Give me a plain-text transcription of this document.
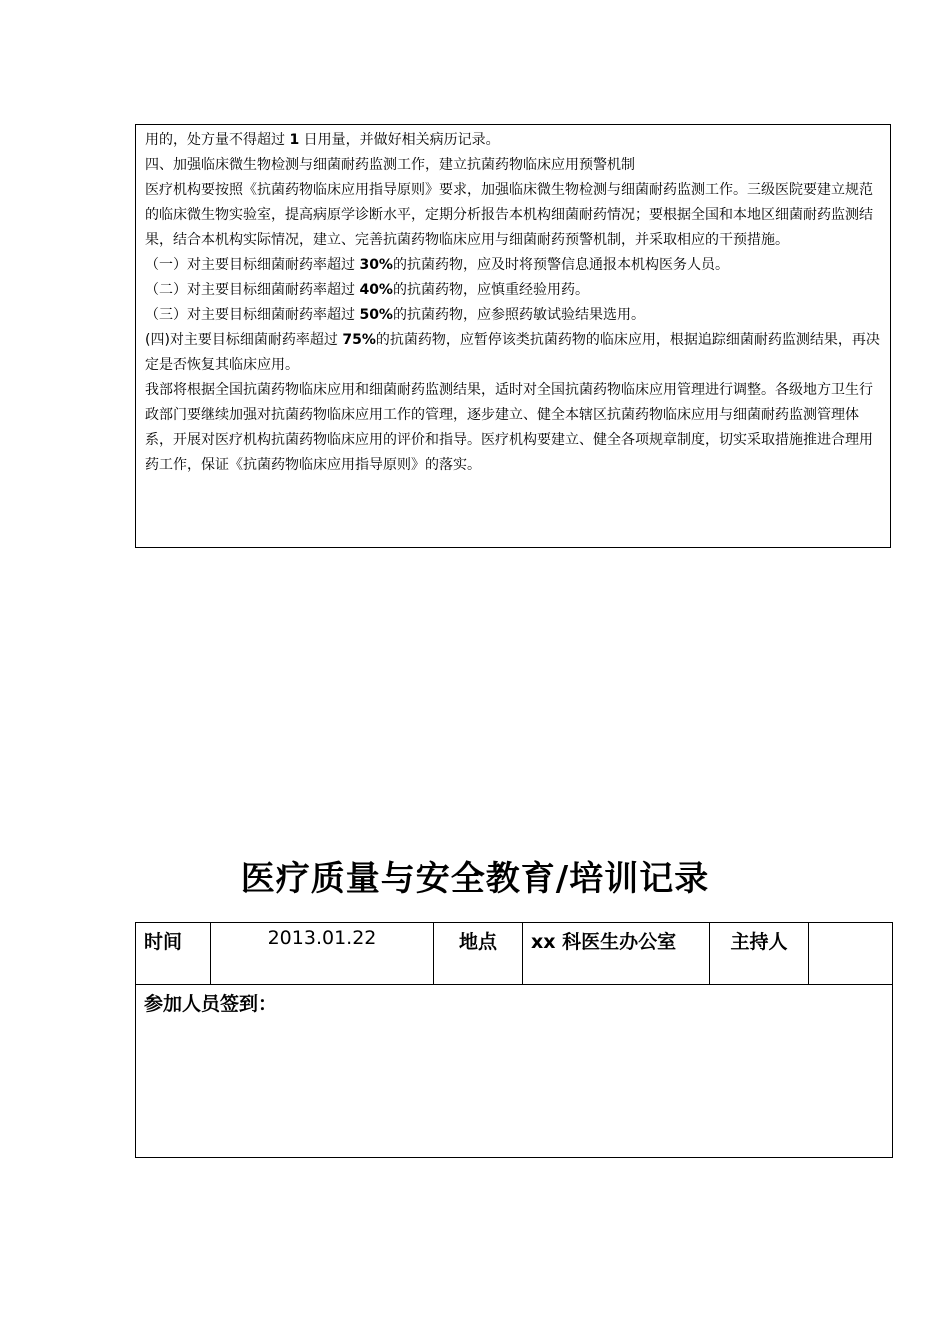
用的，处方量不得超过 1 日用量，并做好相关病历记录。

四、加强临床微生物检测与细菌耐药监测工作，建立抗菌药物临床应用预警机制

医疗机构要按照《抗菌药物临床应用指导原则》要求，加强临床微生物检测与细菌耐药监测工作。三级医院要建立规范的临床微生物实验室，提高病原学诊断水平，定期分析报告本机构细菌耐药情况；要根据全国和本地区细菌耐药监测结果，结合本机构实际情况，建立、完善抗菌药物临床应用与细菌耐药预警机制，并采取相应的干预措施。

（一）对主要目标细菌耐药率超过 30%的抗菌药物，应及时将预警信息通报本机构医务人员。

（二）对主要目标细菌耐药率超过 40%的抗菌药物，应慎重经验用药。

（三）对主要目标细菌耐药率超过 50%的抗菌药物，应参照药敏试验结果选用。

(四)对主要目标细菌耐药率超过 75%的抗菌药物，应暂停该类抗菌药物的临床应用，根据追踪细菌耐药监测结果，再决定是否恢复其临床应用。

我部将根据全国抗菌药物临床应用和细菌耐药监测结果，适时对全国抗菌药物临床应用管理进行调整。各级地方卫生行政部门要继续加强对抗菌药物临床应用工作的管理，逐步建立、健全本辖区抗菌药物临床应用与细菌耐药监测管理体系，开展对医疗机构抗菌药物临床应用的评价和指导。医疗机构要建立、健全各项规章制度，切实采取措施推进合理用药工作，保证《抗菌药物临床应用指导原则》的落实。

医疗质量与安全教育/培训记录
时间	2013.01.22	地点	xx 科医生办公室	主持人	
参加人员签到：
